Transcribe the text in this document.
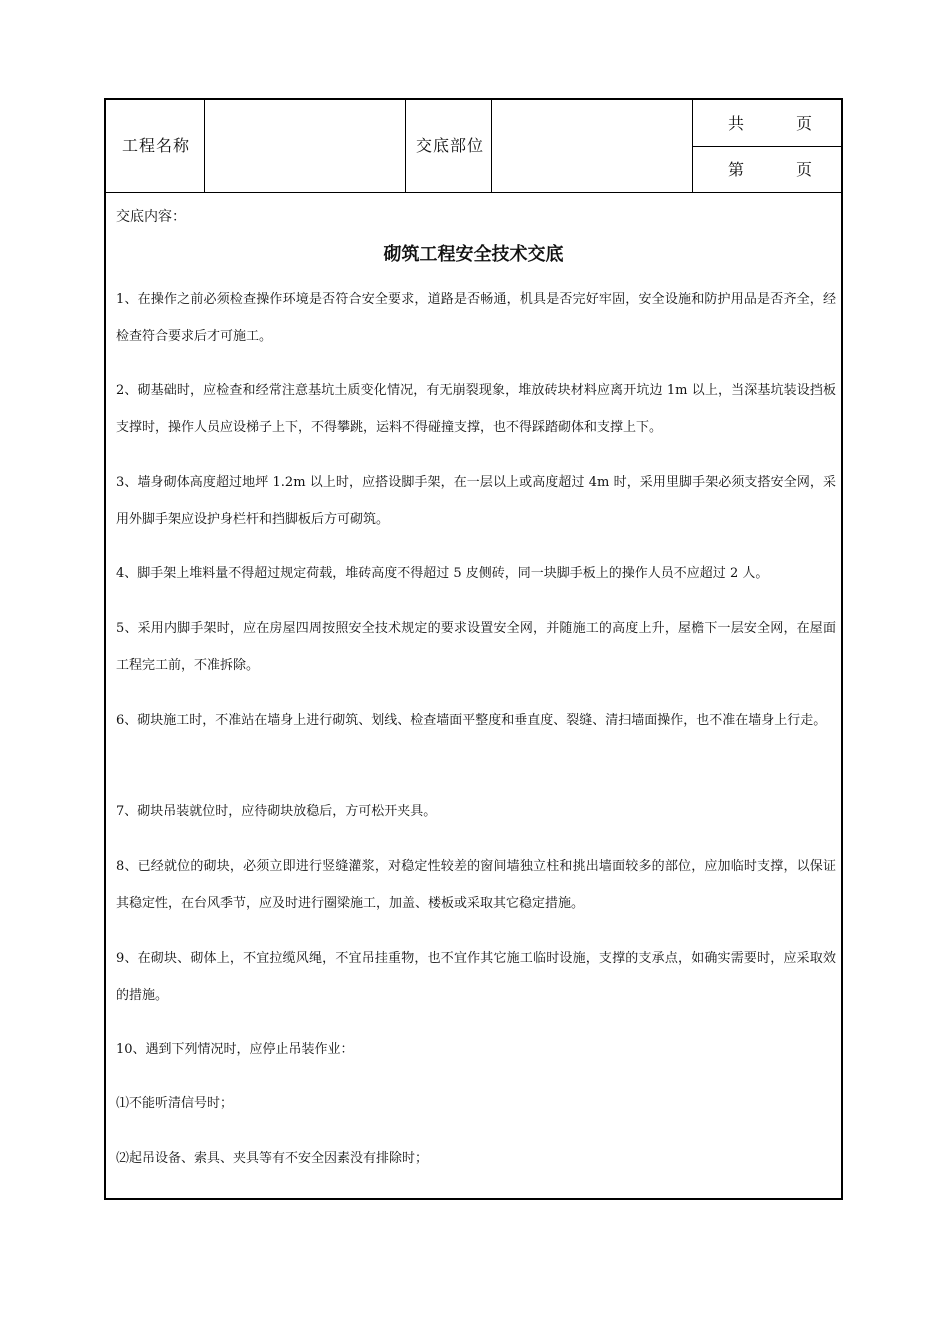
工程名称	交底部位
共　　　页
第　　　页
交底内容：
砌筑工程安全技术交底
1、在操作之前必须检查操作环境是否符合安全要求，道路是否畅通，机具是否完好牢固，安全设施和防护用品是否齐全，经检查符合要求后才可施工。
2、砌基础时，应检查和经常注意基坑土质变化情况，有无崩裂现象，堆放砖块材料应离开坑边 1m 以上，当深基坑装设挡板支撑时，操作人员应设梯子上下，不得攀跳，运料不得碰撞支撑，也不得踩踏砌体和支撑上下。
3、墙身砌体高度超过地坪 1.2m 以上时，应搭设脚手架，在一层以上或高度超过 4m 时，采用里脚手架必须支搭安全网，采用外脚手架应设护身栏杆和挡脚板后方可砌筑。
4、脚手架上堆料量不得超过规定荷载，堆砖高度不得超过 5 皮侧砖，同一块脚手板上的操作人员不应超过 2 人。
5、采用内脚手架时，应在房屋四周按照安全技术规定的要求设置安全网，并随施工的高度上升，屋檐下一层安全网，在屋面工程完工前，不准拆除。
6、砌块施工时，不准站在墙身上进行砌筑、划线、检查墙面平整度和垂直度、裂缝、清扫墙面操作，也不准在墙身上行走。
7、砌块吊装就位时，应待砌块放稳后，方可松开夹具。
8、已经就位的砌块，必须立即进行竖缝灌浆，对稳定性较差的窗间墙独立柱和挑出墙面较多的部位，应加临时支撑，以保证其稳定性，在台风季节，应及时进行圈梁施工，加盖、楼板或采取其它稳定措施。
9、在砌块、砌体上，不宜拉缆风绳，不宜吊挂重物，也不宜作其它施工临时设施，支撑的支承点，如确实需要时，应采取效的措施。
10、遇到下列情况时，应停止吊装作业：
⑴不能听清信号时；
⑵起吊设备、索具、夹具等有不安全因素没有排除时；
